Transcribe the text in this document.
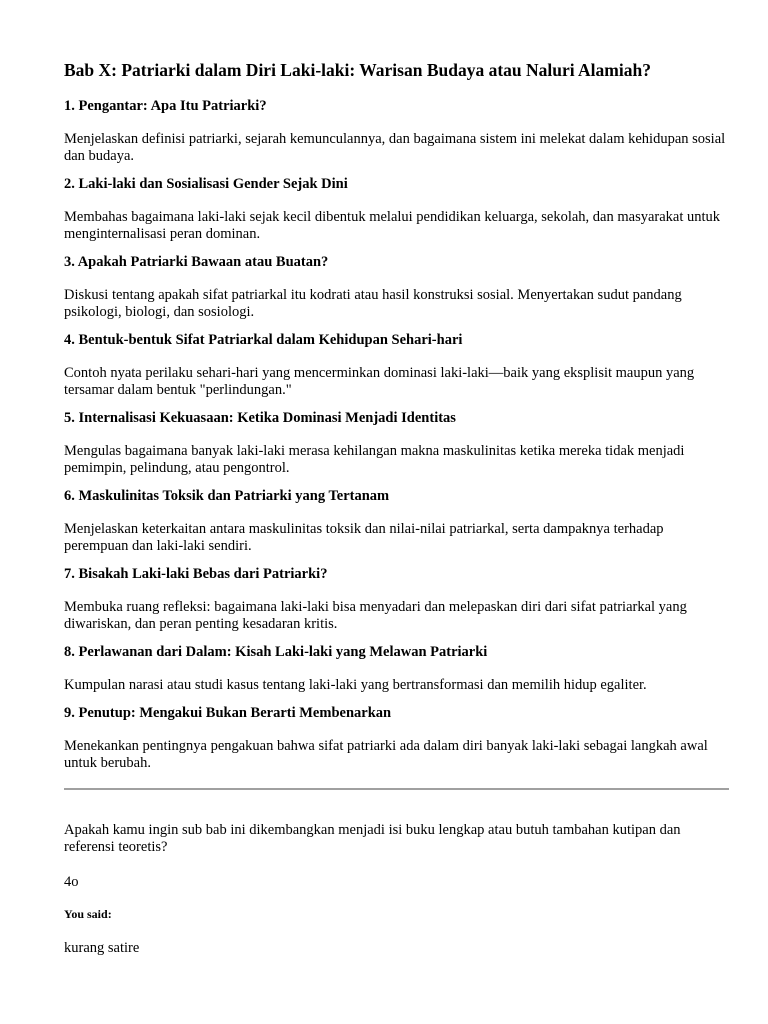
Bab X: Patriarki dalam Diri Laki-laki: Warisan Budaya atau Naluri Alamiah?
1. Pengantar: Apa Itu Patriarki?

Menjelaskan definisi patriarki, sejarah kemunculannya, dan bagaimana sistem ini melekat dalam kehidupan sosial dan budaya.

2. Laki-laki dan Sosialisasi Gender Sejak Dini

Membahas bagaimana laki-laki sejak kecil dibentuk melalui pendidikan keluarga, sekolah, dan masyarakat untuk menginternalisasi peran dominan.

3. Apakah Patriarki Bawaan atau Buatan?

Diskusi tentang apakah sifat patriarkal itu kodrati atau hasil konstruksi sosial. Menyertakan sudut pandang psikologi, biologi, dan sosiologi.

4. Bentuk-bentuk Sifat Patriarkal dalam Kehidupan Sehari-hari

Contoh nyata perilaku sehari-hari yang mencerminkan dominasi laki-laki—baik yang eksplisit maupun yang tersamar dalam bentuk "perlindungan."

5. Internalisasi Kekuasaan: Ketika Dominasi Menjadi Identitas

Mengulas bagaimana banyak laki-laki merasa kehilangan makna maskulinitas ketika mereka tidak menjadi pemimpin, pelindung, atau pengontrol.

6. Maskulinitas Toksik dan Patriarki yang Tertanam

Menjelaskan keterkaitan antara maskulinitas toksik dan nilai-nilai patriarkal, serta dampaknya terhadap perempuan dan laki-laki sendiri.

7. Bisakah Laki-laki Bebas dari Patriarki?

Membuka ruang refleksi: bagaimana laki-laki bisa menyadari dan melepaskan diri dari sifat patriarkal yang diwariskan, dan peran penting kesadaran kritis.

8. Perlawanan dari Dalam: Kisah Laki-laki yang Melawan Patriarki

Kumpulan narasi atau studi kasus tentang laki-laki yang bertransformasi dan memilih hidup egaliter.

9. Penutup: Mengakui Bukan Berarti Membenarkan

Menekankan pentingnya pengakuan bahwa sifat patriarki ada dalam diri banyak laki-laki sebagai langkah awal untuk berubah.

Apakah kamu ingin sub bab ini dikembangkan menjadi isi buku lengkap atau butuh tambahan kutipan dan referensi teoretis?

4o

You said:

kurang satire
